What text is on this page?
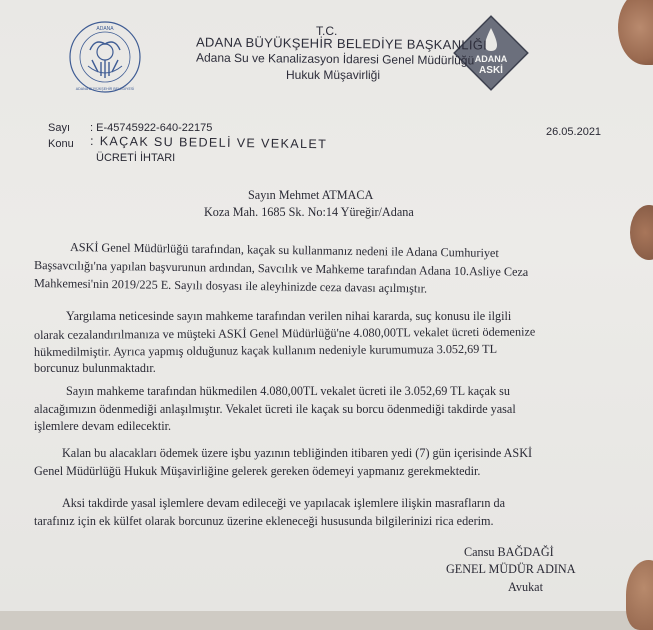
ADANA
ADANA BÜYÜKŞEHİR BELEDİYESİ
ADANA
ASKİ
T.C.
ADANA BÜYÜKŞEHİR BELEDİYE BAŞKANLIĞI
Adana Su ve Kanalizasyon İdaresi Genel Müdürlüğü
Hukuk Müşavirliği
Sayı : E-45745922-640-22175
Konu : KAÇAK SU BEDELİ VE VEKALET
ÜCRETİ İHTARI
26.05.2021
Sayın Mehmet ATMACA
Koza Mah. 1685 Sk. No:14 Yüreğir/Adana
ASKİ Genel Müdürlüğü tarafından, kaçak su kullanmanız nedeni ile Adana Cumhuriyet
Başsavcılığı'na yapılan başvurunun ardından, Savcılık ve Mahkeme tarafından Adana 10.Asliye Ceza
Mahkemesi'nin 2019/225 E. Sayılı dosyası ile aleyhinizde ceza davası açılmıştır.
Yargılama neticesinde sayın mahkeme tarafından verilen nihai kararda, suç konusu ile ilgili
olarak cezalandırılmanıza ve müşteki ASKİ Genel Müdürlüğü'ne 4.080,00TL vekalet ücreti ödemenize
hükmedilmiştir. Ayrıca yapmış olduğunuz kaçak kullanım nedeniyle kurumumuza 3.052,69 TL
borcunuz bulunmaktadır.
Sayın mahkeme tarafından hükmedilen 4.080,00TL vekalet ücreti ile 3.052,69 TL kaçak su
alacağımızın ödenmediği anlaşılmıştır. Vekalet ücreti ile kaçak su borcu ödenmediği takdirde yasal
işlemlere devam edilecektir.
Kalan bu alacakları ödemek üzere işbu yazının tebliğinden itibaren yedi (7) gün içerisinde ASKİ
Genel Müdürlüğü Hukuk Müşavirliğine gelerek gereken ödemeyi yapmanız gerekmektedir.
Aksi takdirde yasal işlemlere devam edileceği ve yapılacak işlemlere ilişkin masrafların da
tarafınız için ek külfet olarak borcunuz üzerine ekleneceği hususunda bilgilerinizi rica ederim.
Cansu BAĞDAĞİ
GENEL MÜDÜR ADINA
Avukat
